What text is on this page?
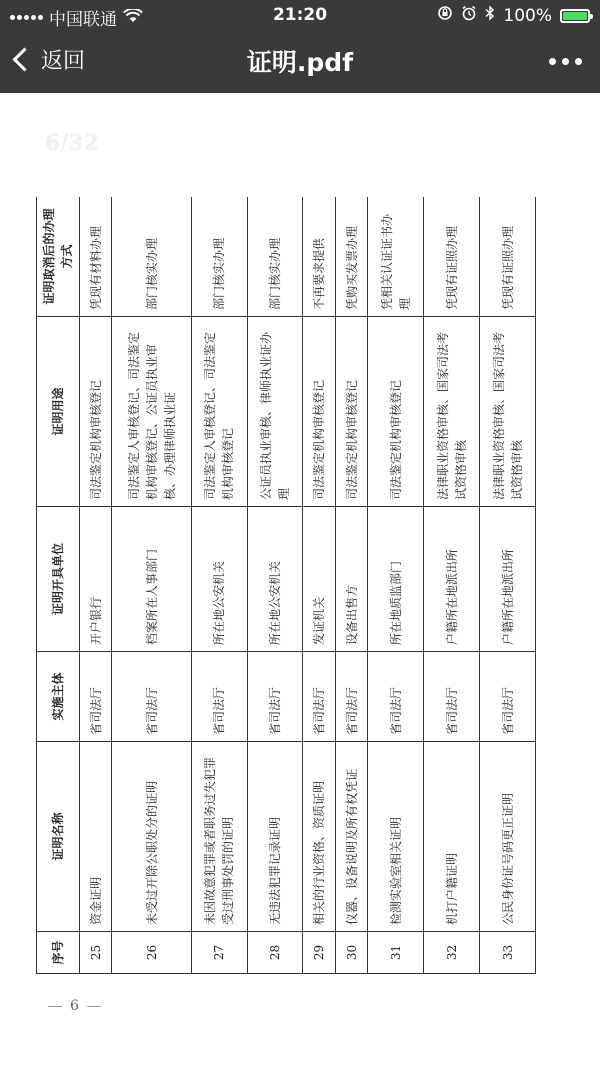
中国联通	21:20	100%
返回	证明.pdf
6/32
序号	证明名称	实施主体	证明开具单位	证明用途	证明取消后的办理方式
25	资金证明	省司法厅	开户银行	司法鉴定机构审核登记	凭现有材料办理
26	未受过开除公职处分的证明	省司法厅	档案所在人事部门	司法鉴定人审核登记、司法鉴定机构审核登记、公证员执业审核、办理律师执业证	部门核实办理
27	未因故意犯罪或者职务过失犯罪受过刑事处罚的证明	省司法厅	所在地公安机关	司法鉴定人审核登记、司法鉴定机构审核登记	部门核实办理
28	无违法犯罪记录证明	省司法厅	所在地公安机关	公证员执业审核、律师执业证办理	部门核实办理
29	相关的行业资格、资质证明	省司法厅	发证机关	司法鉴定机构审核登记	不再要求提供
30	仪器、设备说明及所有权凭证	省司法厅	设备出售方	司法鉴定机构审核登记	凭购买发票办理
31	检测实验室相关证明	省司法厅	所在地质监部门	司法鉴定机构审核登记	凭相关认证证书办理
32	机打户籍证明	省司法厅	户籍所在地派出所	法律职业资格审核、国家司法考试资格审核	凭现有证照办理
33	公民身份证号码更正证明	省司法厅	户籍所在地派出所	法律职业资格审核、国家司法考试资格审核	凭现有证照办理
6
